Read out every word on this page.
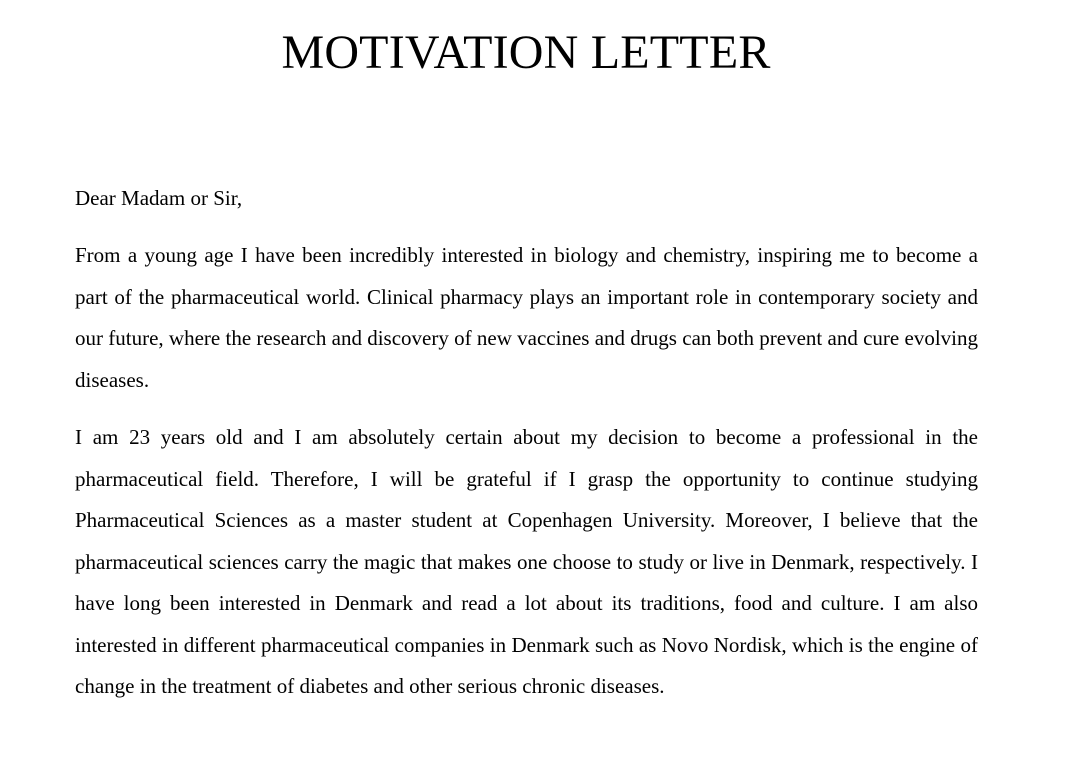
MOTIVATION LETTER

Dear Madam or Sir,

From a young age I have been incredibly interested in biology and chemistry, inspiring me to become a part of the pharmaceutical world. Clinical pharmacy plays an important role in contemporary society and our future, where the research and discovery of new vaccines and drugs can both prevent and cure evolving diseases.

I am 23 years old and I am absolutely certain about my decision to become a professional in the pharmaceutical field. Therefore, I will be grateful if I grasp the opportunity to continue studying Pharmaceutical Sciences as a master student at Copenhagen University. Moreover, I believe that the pharmaceutical sciences carry the magic that makes one choose to study or live in Denmark, respectively. I have long been interested in Denmark and read a lot about its traditions, food and culture. I am also interested in different pharmaceutical companies in Denmark such as Novo Nordisk, which is the engine of change in the treatment of diabetes and other serious chronic diseases.
